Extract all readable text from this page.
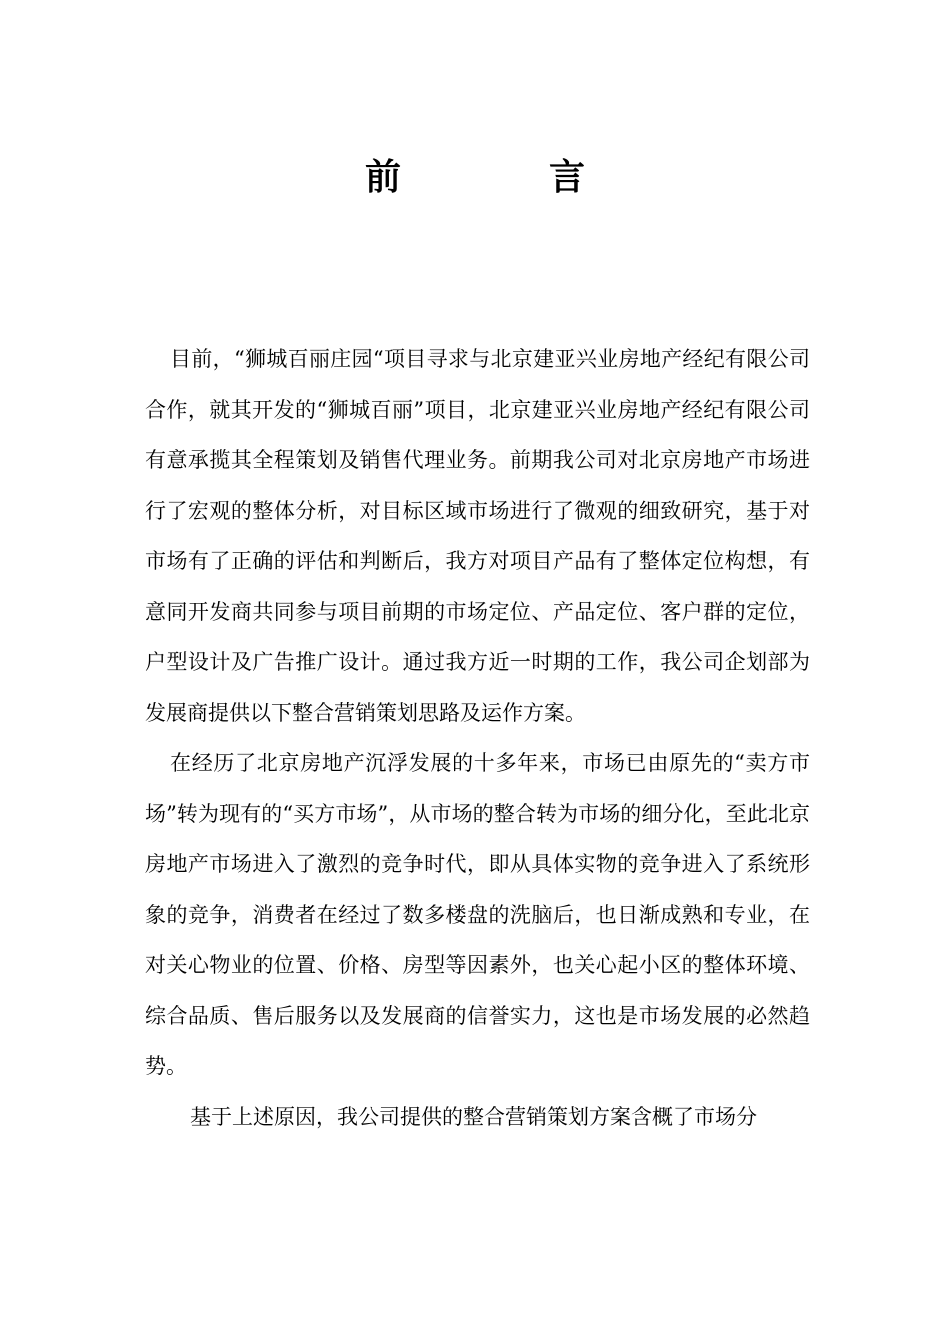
前　言

目前，“狮城百丽庄园“项目寻求与北京建亚兴业房地产经纪有限公司合作，就其开发的“狮城百丽”项目，北京建亚兴业房地产经纪有限公司有意承揽其全程策划及销售代理业务。前期我公司对北京房地产市场进行了宏观的整体分析，对目标区域市场进行了微观的细致研究，基于对市场有了正确的评估和判断后，我方对项目产品有了整体定位构想，有意同开发商共同参与项目前期的市场定位、产品定位、客户群的定位，户型设计及广告推广设计。通过我方近一时期的工作，我公司企划部为发展商提供以下整合营销策划思路及运作方案。

在经历了北京房地产沉浮发展的十多年来，市场已由原先的“卖方市场”转为现有的“买方市场”，从市场的整合转为市场的细分化，至此北京房地产市场进入了激烈的竞争时代，即从具体实物的竞争进入了系统形象的竞争，消费者在经过了数多楼盘的洗脑后，也日渐成熟和专业，在对关心物业的位置、价格、房型等因素外，也关心起小区的整体环境、综合品质、售后服务以及发展商的信誉实力，这也是市场发展的必然趋势。

基于上述原因，我公司提供的整合营销策划方案含概了市场分
